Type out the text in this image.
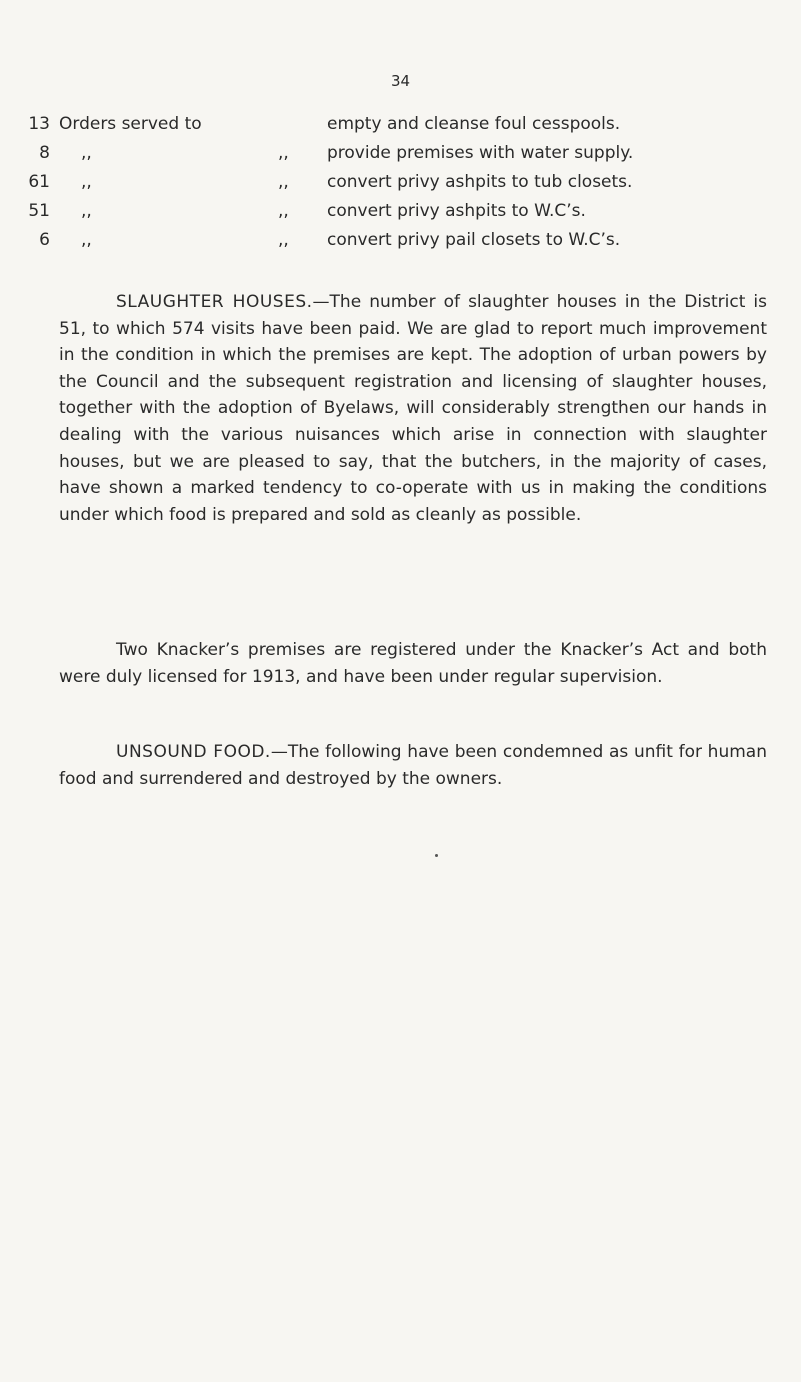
34
13 Orders served to	empty and cleanse foul cesspools.
8 ,,	,, provide premises with water supply.
61 ,,	,, convert privy ashpits to tub closets.
51 ,,	,, convert privy ashpits to W.C’s.
6 ,,	,, convert privy pail closets to W.C’s.

SLAUGHTER HOUSES.—The number of slaughter houses in the District is 51, to which 574 visits have been paid. We are glad to report much improvement in the condition in which the premises are kept. The adoption of urban powers by the Council and the subsequent registration and licensing of slaughter houses, together with the adoption of Byelaws, will considerably strengthen our hands in dealing with the various nuisances which arise in connection with slaughter houses, but we are pleased to say, that the butchers, in the majority of cases, have shown a marked tendency to co-operate with us in making the conditions under which food is prepared and sold as cleanly as possible.

Two Knacker’s premises are registered under the Knacker’s Act and both were duly licensed for 1913, and have been under regular supervision.

UNSOUND FOOD.—The following have been condemned as unfit for human food and surrendered and destroyed by the owners.
